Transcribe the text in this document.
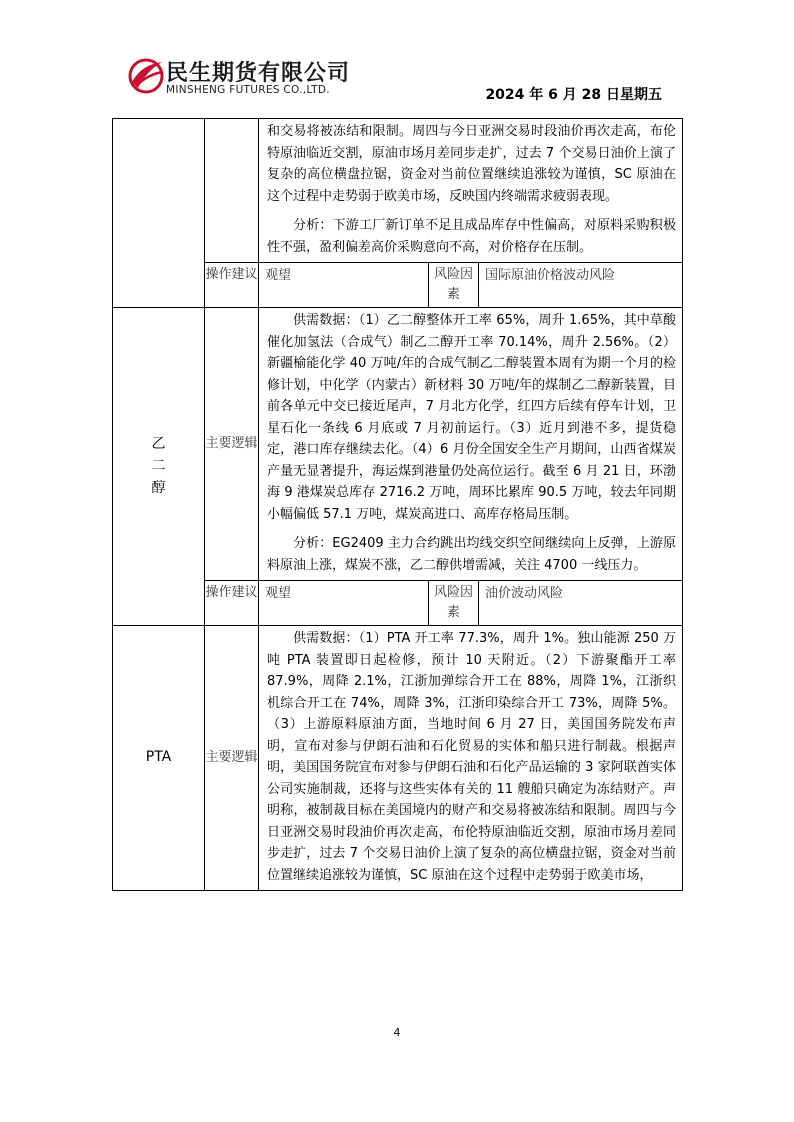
民生期货有限公司
MINSHENG FUTURES CO.,LTD.	2024 年 6 月 28 日星期五

		和交易将被冻结和限制。周四与今日亚洲交易时段油价再次走高，布伦特原油临近交割，原油市场月差同步走扩，过去 7 个交易日油价上演了复杂的高位横盘拉锯，资金对当前位置继续追涨较为谨慎，SC 原油在这个过程中走势弱于欧美市场，反映国内终端需求疲弱表现。

分析：下游工厂新订单不足且成品库存中性偏高，对原料采购积极性不强，盈利偏差高价采购意向不高，对价格存在压制。		

	操作建议	观望	风险因素	国际原油价格波动风险
乙二醇	主要逻辑	供需数据：（1）乙二醇整体开工率 65%，周升 1.65%，其中草酸催化加氢法（合成气）制乙二醇开工率 70.14%，周升 2.56%。（2）新疆榆能化学 40 万吨/年的合成气制乙二醇装置本周有为期一个月的检修计划，中化学（内蒙古）新材料 30 万吨/年的煤制乙二醇新装置，目前各单元中交已接近尾声，7 月北方化学，红四方后续有停车计划，卫星石化一条线 6 月底或 7 月初前运行。（3）近月到港不多，提货稳定，港口库存继续去化。（4）6 月份全国安全生产月期间，山西省煤炭产量无显著提升，海运煤到港量仍处高位运行。截至 6 月 21 日，环渤海 9 港煤炭总库存 2716.2 万吨，周环比累库 90.5 万吨，较去年同期小幅偏低 57.1 万吨，煤炭高进口、高库存格局压制。

分析：EG2409 主力合约跳出均线交织空间继续向上反弹，上游原料原油上涨，煤炭不涨，乙二醇供增需减，关注 4700 一线压力。		

	操作建议	观望	风险因素	油价波动风险
PTA	主要逻辑	供需数据：（1）PTA 开工率 77.3%，周升 1%。独山能源 250 万吨 PTA 装置即日起检修，预计 10 天附近。（2）下游聚酯开工率 87.9%，周降 2.1%，江浙加弹综合开工在 88%，周降 1%，江浙织机综合开工在 74%，周降 3%，江浙印染综合开工 73%，周降 5%。（3）上游原料原油方面，当地时间 6 月 27 日，美国国务院发布声明，宣布对参与伊朗石油和石化贸易的实体和船只进行制裁。根据声明，美国国务院宣布对参与伊朗石油和石化产品运输的 3 家阿联酋实体公司实施制裁，还将与这些实体有关的 11 艘船只确定为冻结财产。声明称，被制裁目标在美国境内的财产和交易将被冻结和限制。周四与今日亚洲交易时段油价再次走高，布伦特原油临近交割，原油市场月差同步走扩，过去 7 个交易日油价上演了复杂的高位横盘拉锯，资金对当前位置继续追涨较为谨慎，SC 原油在这个过程中走势弱于欧美市场，		

4
